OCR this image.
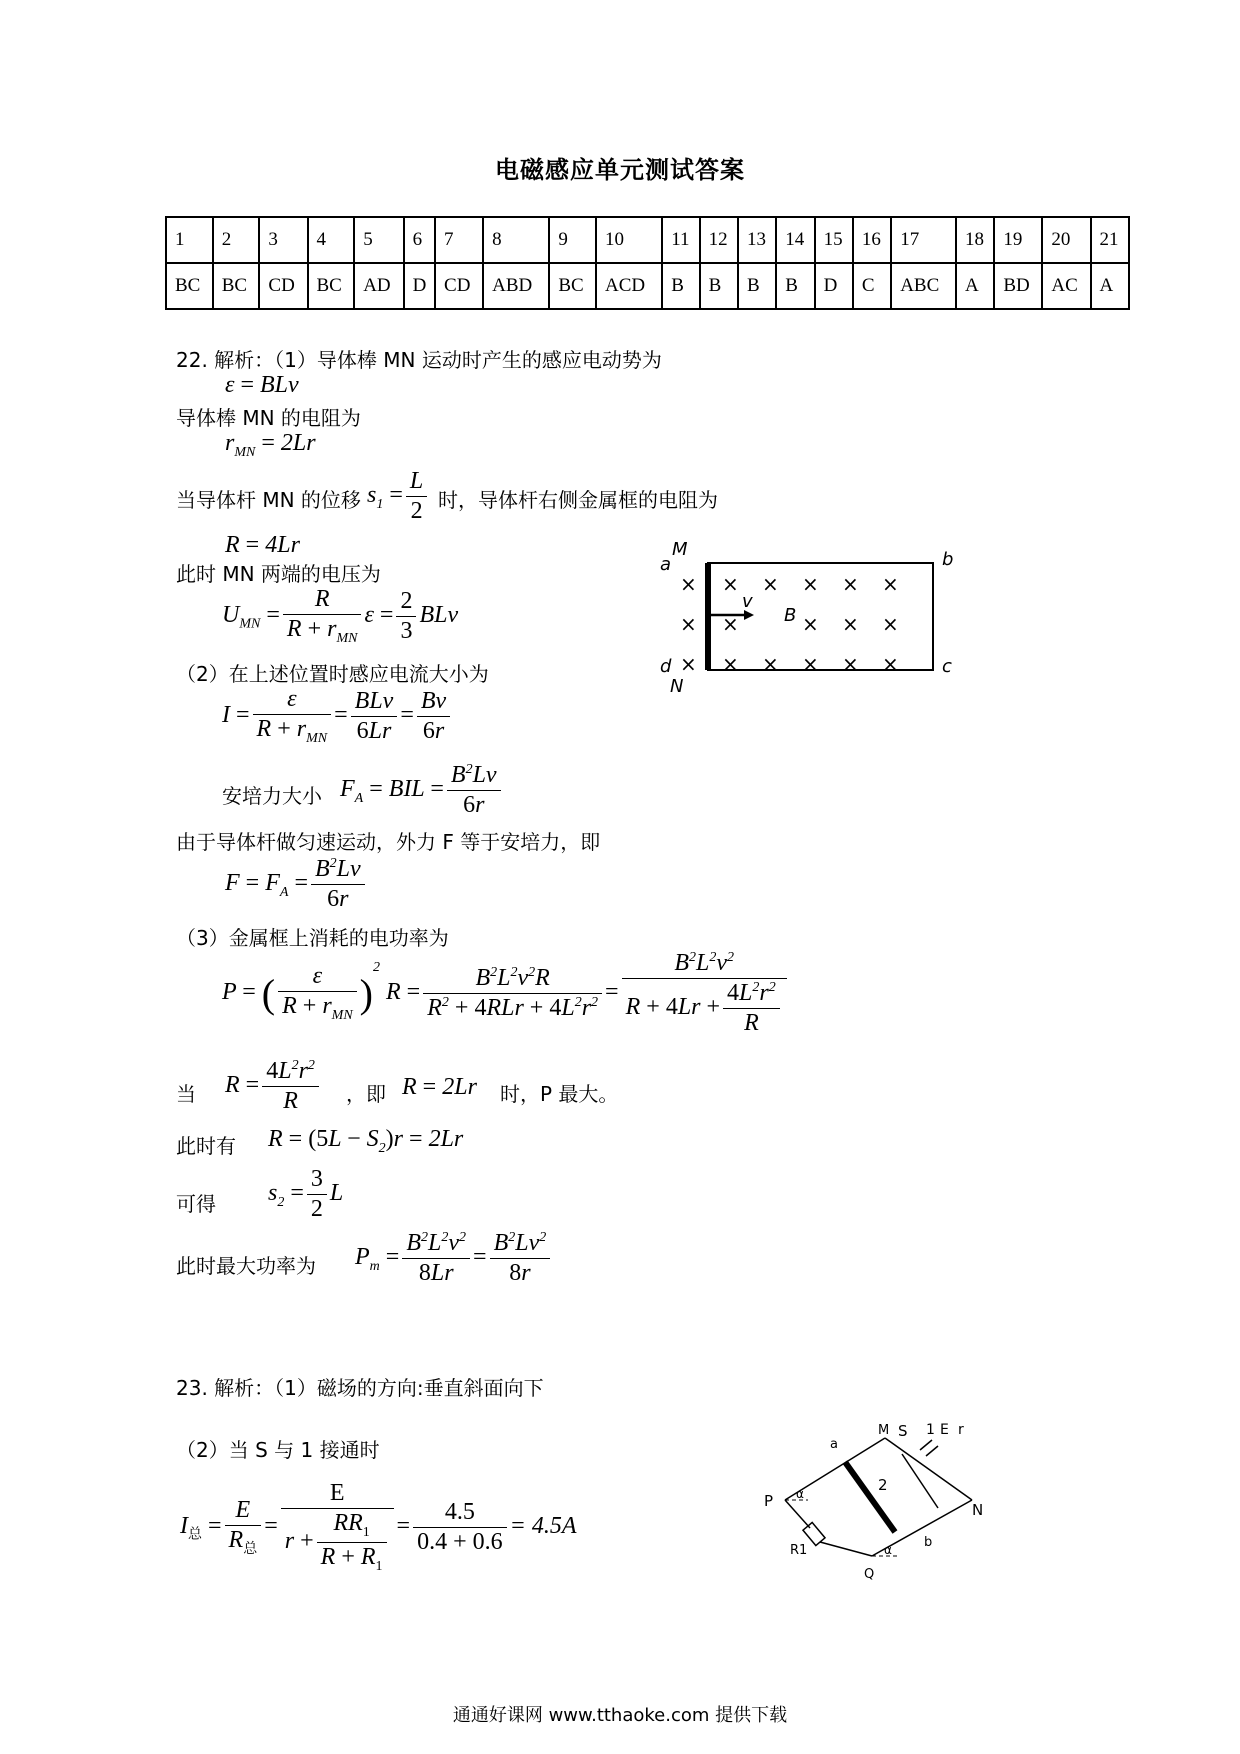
电磁感应单元测试答案
1	2	3	4	5	6	7	8	9	10	11	12	13	14	15	16	17	18	19	20	21
BC	BC	CD	BC	AD	D	CD	ABD	BC	ACD	B	B	B	B	D	C	ABC	A	BD	AC	A
22. 解析：（1）导体棒 MN 运动时产生的感应电动势为
ε = BLv
导体棒 MN 的电阻为
$r_{MN} = 2Lr$
当导体杆 MN 的位移 $s_1 = \frac{L}{2}$ 时，导体杆右侧金属框的电阻为
R = 4Lr
此时 MN 两端的电压为
$U_{MN} = \frac{R}{R + r_{MN}}$ $\varepsilon = \frac{2}{3}$ BLv
（2）在上述位置时感应电流大小为
$I = \frac{\varepsilon}{R + r_{MN}} = \frac{\text{BLv}}{6Lr} = \frac{Bv}{6r}$
安培力大小 $F_A$ = BIL = $\frac{B^2Lv}{6r}$
由于导体杆做匀速运动，外力 F 等于安培力，即
$F = F_A = \frac{B^2Lv}{6r}$
（3）金属框上消耗的电功率为
P = ( $\frac{\varepsilon}{R + r_{MN}} )^2$ $R = \frac{B^2L^2v^2R}{R^2 + 4RLr + 4L^2r^2} = \frac{B^2L^2v^2}{R + 4Lr + \frac{4L^2r^2}{R}}$
当 $R = \frac{4L^2r^2}{R}$ ，即 R = 2Lr 时，P 最大。
此时有 $R = (5L - S_2)r = 2Lr$
可得 $s_2 = \frac{3}{2}$ L
此时最大功率为 $P_m = \frac{B^2L^2v^2}{8Lr} = \frac{B^2Lv^2}{8r}$
× × × × × ×
× ×	× × ×
× × × × × ×
M
a	b
d
N
c
v
B
23. 解析：（1）磁场的方向:垂直斜面向下
（2）当 S 与 1 接通时
$I_总 = \frac{E}{R_总} = \frac{E}{r + \frac{RR_1}{R + R_1}} = \frac{4.5}{0.4 + 0.6} = 4.5A$
a
M S 1 E r
2
P α
N
R1
b
α
Q
通通好课网 www.tthaoke.com 提供下载
